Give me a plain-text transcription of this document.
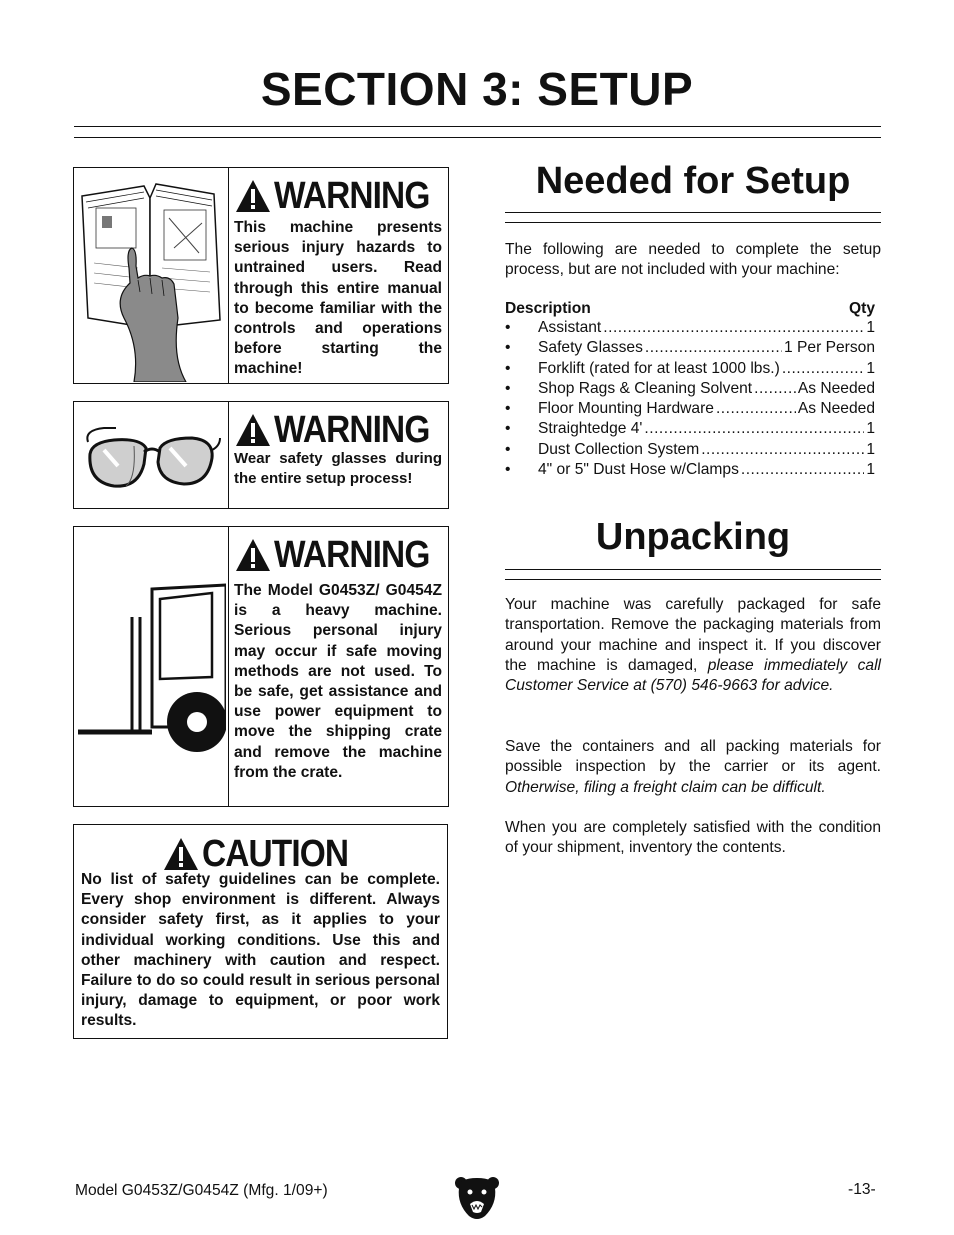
SECTION 3: SETUP
WARNING
This machine presents serious injury hazards to untrained users. Read through this entire manual to become familiar with the controls and operations before starting the machine!
WARNING
Wear safety glasses during the entire setup process!
WARNING
The Model G0453Z/ G0454Z is a heavy machine. Serious personal injury may occur if safe moving methods are not used. To be safe, get assistance and use power equipment to move the shipping crate and remove the machine from the crate.
CAUTION
No list of safety guidelines can be complete. Every shop environment is different. Always consider safety first, as it applies to your individual working conditions. Use this and other machinery with caution and respect. Failure to do so could result in serious personal injury, damage to equipment, or poor work results.
Needed for Setup
The following are needed to complete the setup process, but are not included with your machine:
Description	Qty
•	Assistant .....	1
•	Safety Glasses .....	1 Per Person
•	Forklift (rated for at least 1000 lbs.) .....	1
•	Shop Rags & Cleaning Solvent .....	As Needed
•	Floor Mounting Hardware .....	As Needed
•	Straightedge 4' .....	1
•	Dust Collection System .....	1
•	4" or 5" Dust Hose w/Clamps .....	1
Unpacking
Your machine was carefully packaged for safe transportation. Remove the packaging materials from around your machine and inspect it. If you discover the machine is damaged, please immediately call Customer Service at (570) 546-9663 for advice.
Save the containers and all packing materials for possible inspection by the carrier or its agent. Otherwise, filing a freight claim can be difficult.
When you are completely satisfied with the condition of your shipment, inventory the contents.
Model G0453Z/G0454Z (Mfg. 1/09+)	-13-
